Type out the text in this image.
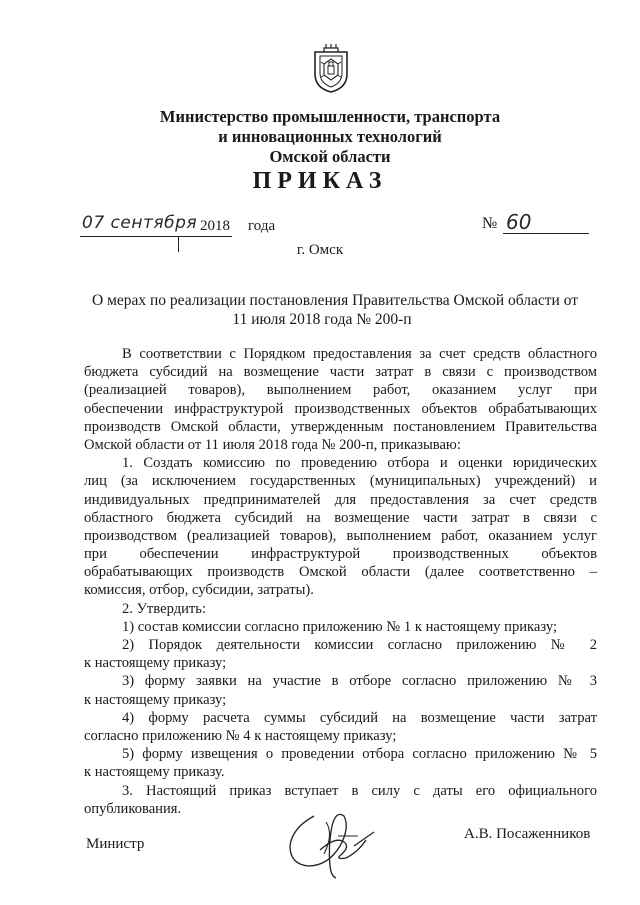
Министерство промышленности, транспорта
и инновационных технологий
Омской области
ПРИКАЗ
07 сентября 2018 года	№ 60
г. Омск
О мерах по реализации постановления Правительства Омской области от
11 июля 2018 года № 200-п
В соответствии с Порядком предоставления за счет средств областного
бюджета субсидий на возмещение части затрат в связи с производством
(реализацией товаров), выполнением работ, оказанием услуг при
обеспечении инфраструктурой производственных объектов обрабатывающих
производств Омской области, утвержденным постановлением Правительства
Омской области от 11 июля 2018 года № 200-п, приказываю:
1. Создать комиссию по проведению отбора и оценки юридических
лиц (за исключением государственных (муниципальных) учреждений) и
индивидуальных предпринимателей для предоставления за счет средств
областного бюджета субсидий на возмещение части затрат в связи с
производством (реализацией товаров), выполнением работ, оказанием услуг
при обеспечении инфраструктурой производственных объектов
обрабатывающих производств Омской области (далее соответственно –
комиссия, отбор, субсидии, затраты).
2. Утвердить:
1) состав комиссии согласно приложению № 1 к настоящему приказу;
2) Порядок деятельности комиссии согласно приложению № 2
к настоящему приказу;
3) форму заявки на участие в отборе согласно приложению № 3
к настоящему приказу;
4) форму расчета суммы субсидий на возмещение части затрат
согласно приложению № 4 к настоящему приказу;
5) форму извещения о проведении отбора согласно приложению № 5
к настоящему приказу.
3. Настоящий приказ вступает в силу с даты его официального
опубликования.
Министр
А.В. Посаженников
